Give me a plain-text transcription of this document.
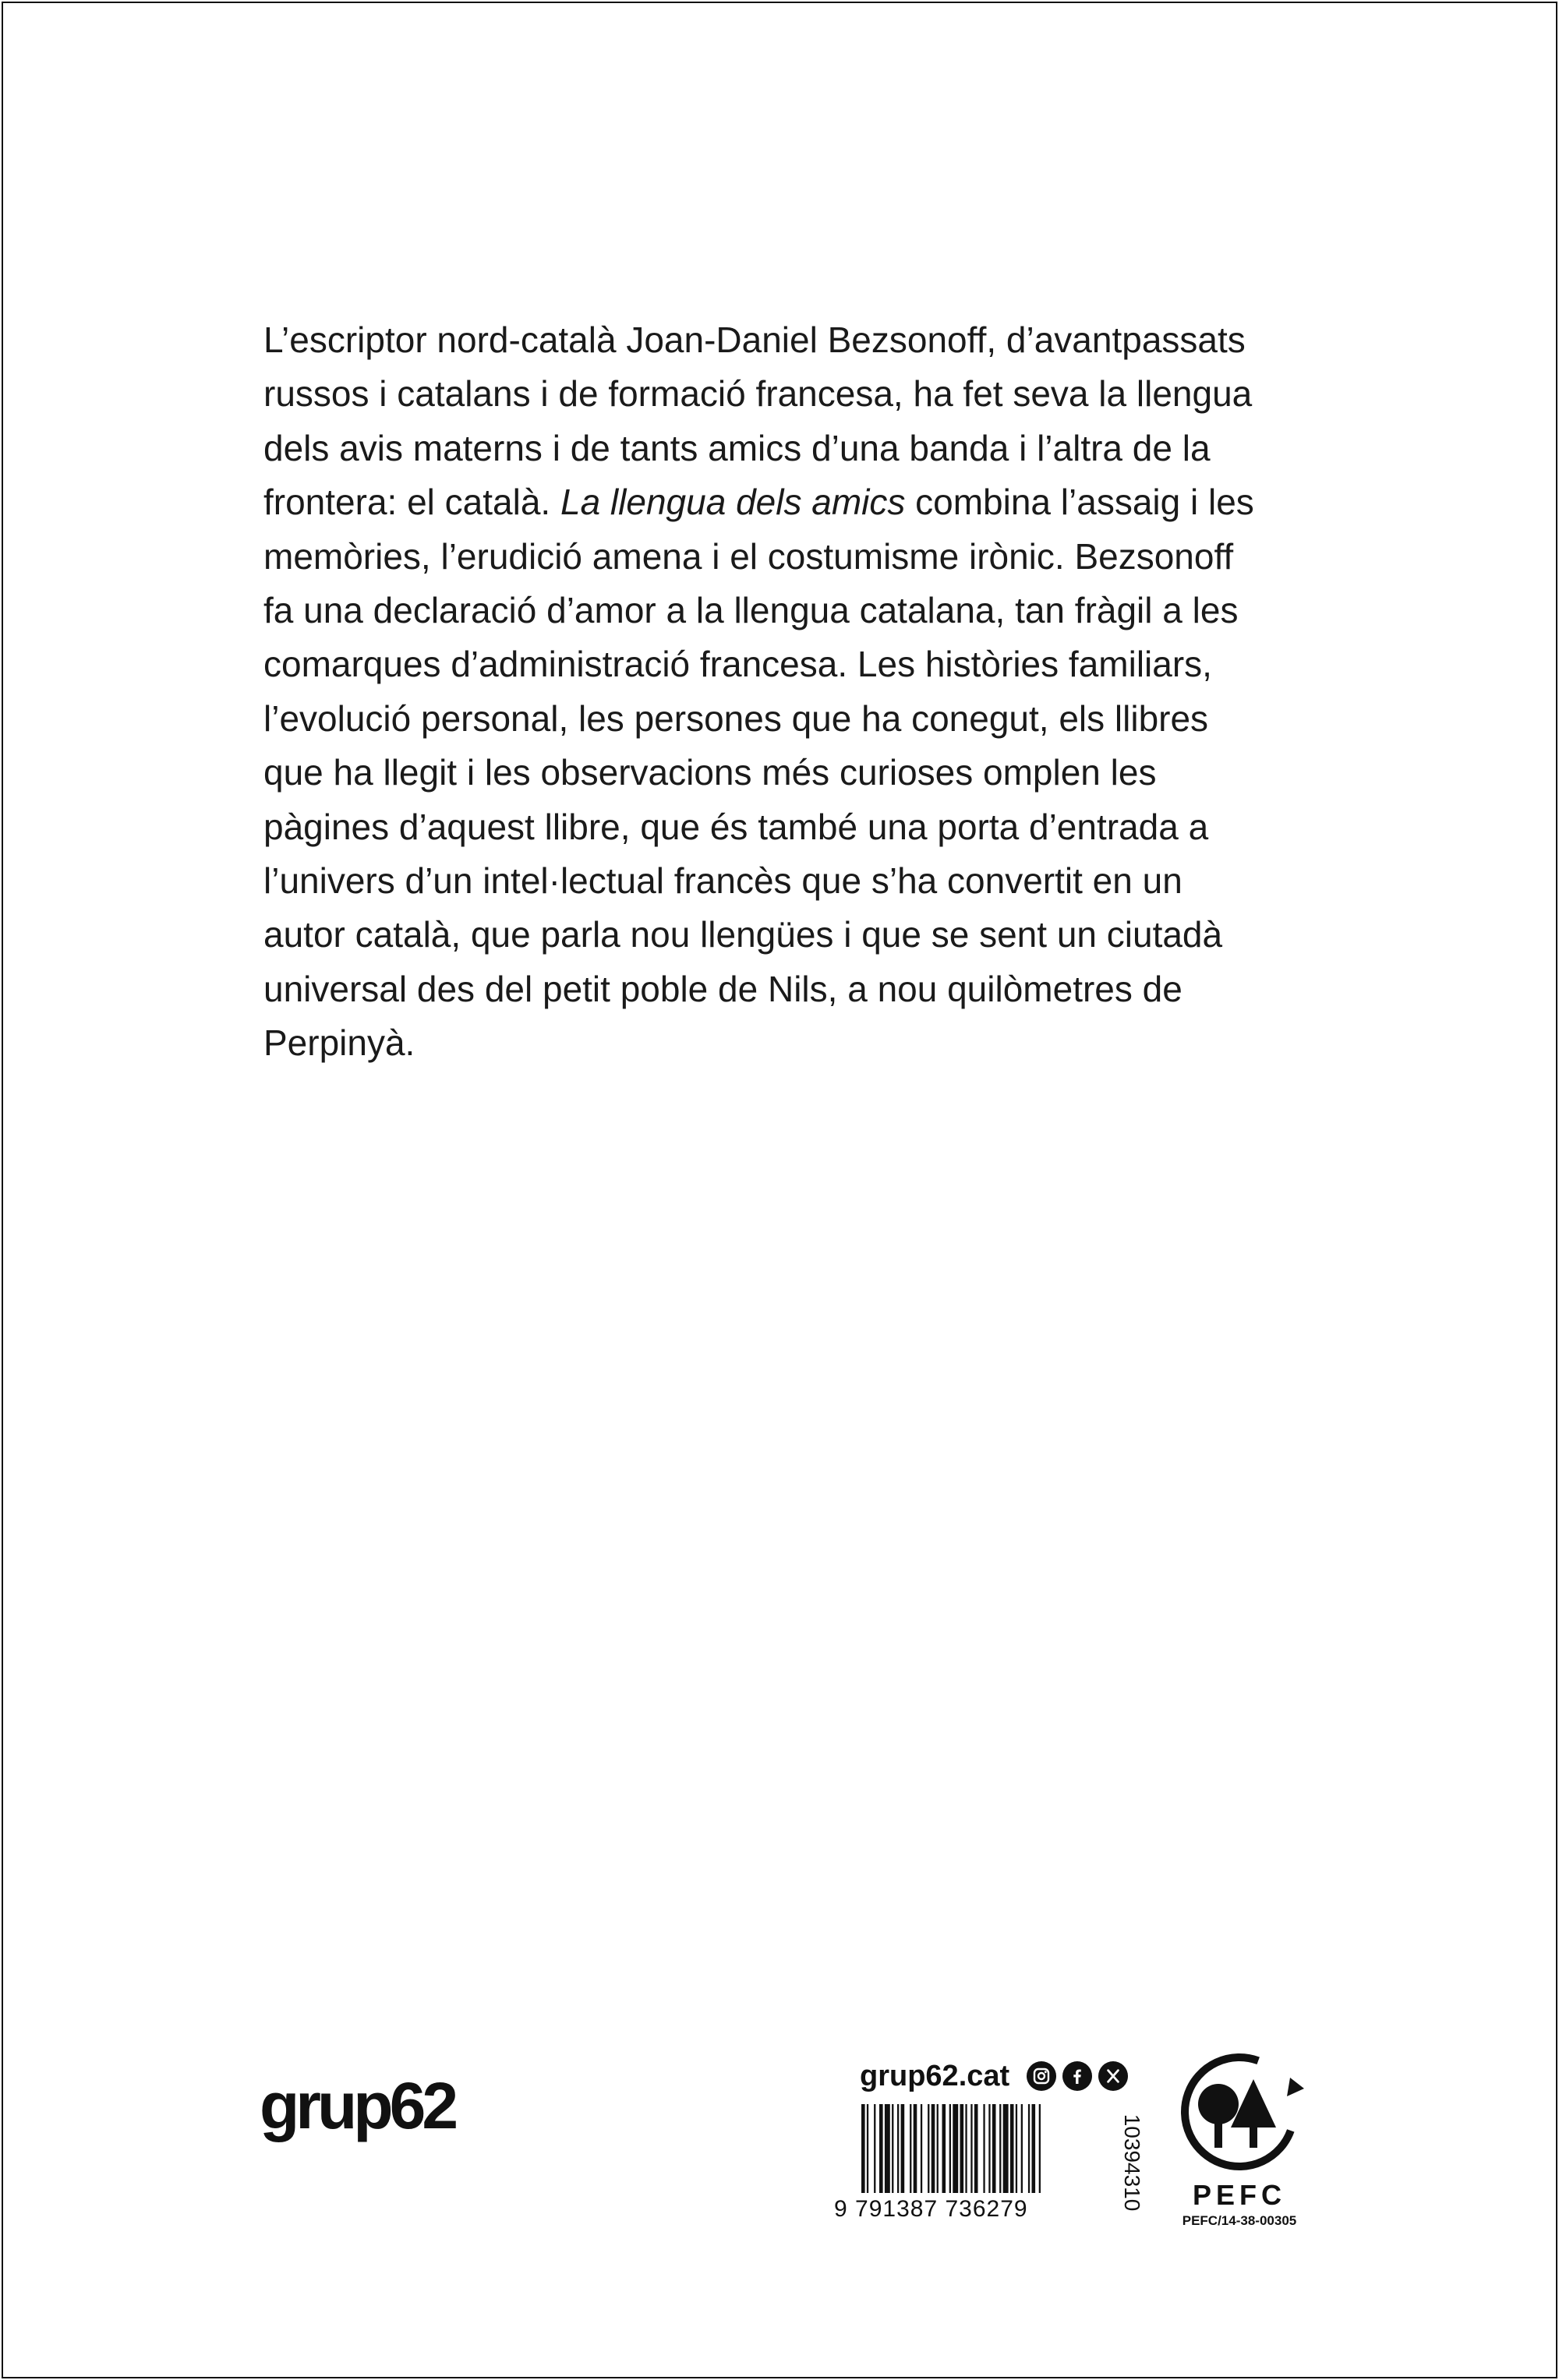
L’escriptor nord-català Joan-Daniel Bezsonoff, d’avantpassats
russos i catalans i de formació francesa, ha fet seva la llengua
dels avis materns i de tants amics d’una banda i l’altra de la
frontera: el català. La llengua dels amics combina l’assaig i les
memòries, l’erudició amena i el costumisme irònic. Bezsonoff
fa una declaració d’amor a la llengua catalana, tan fràgil a les
comarques d’administració francesa. Les històries familiars,
l’evolució personal, les persones que ha conegut, els llibres
que ha llegit i les observacions més curioses omplen les
pàgines d’aquest llibre, que és també una porta d’entrada a
l’univers d’un intel·lectual francès que s’ha convertit en un
autor català, que parla nou llengües i que se sent un ciutadà
universal des del petit poble de Nils, a nou quilòmetres de
Perpinyà.
grup62	grup62.cat
9 791387 736279	10394310	PEFC
PEFC/14-38-00305
